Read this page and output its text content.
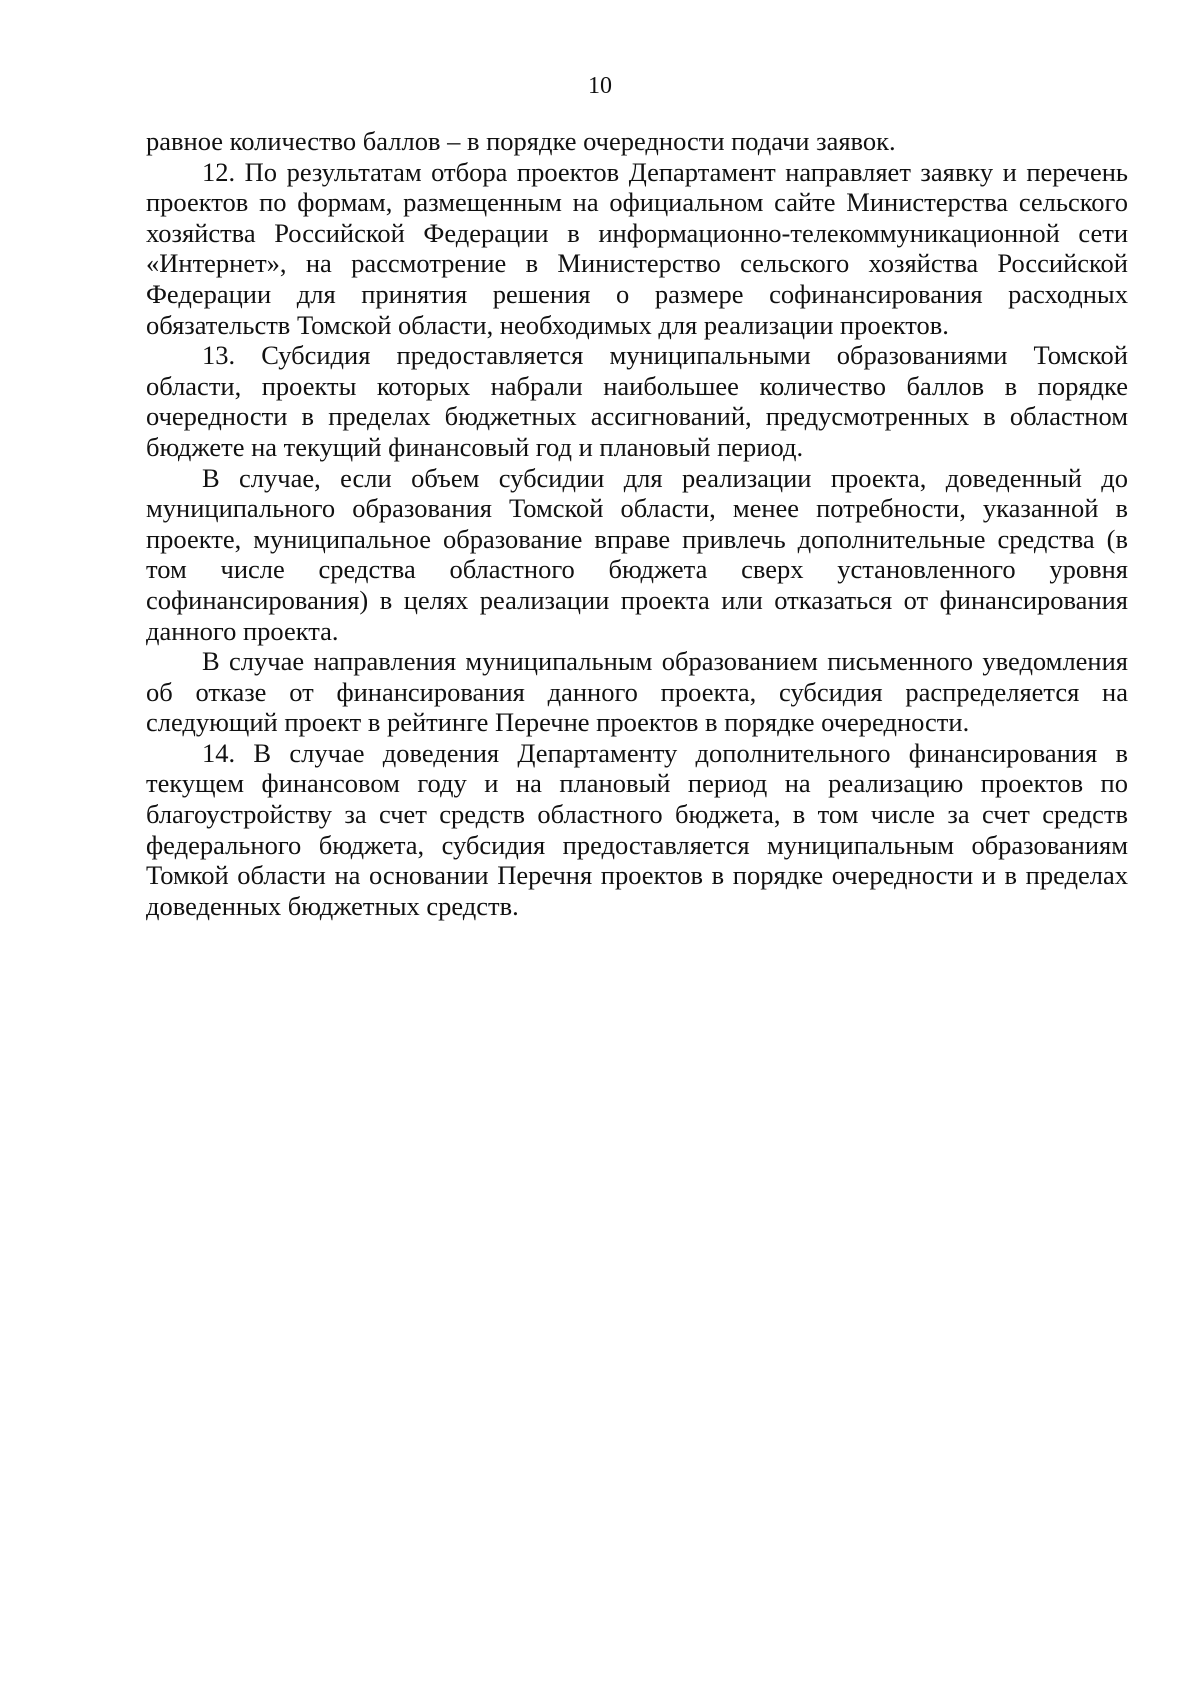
10

равное количество баллов – в порядке очередности подачи заявок.

12. По результатам отбора проектов Департамент направляет заявку и перечень проектов по формам, размещенным на официальном сайте Министерства сельского хозяйства Российской Федерации в информационно-телекоммуникационной сети «Интернет», на рассмотрение в Министерство сельского хозяйства Российской Федерации для принятия решения о размере софинансирования расходных обязательств Томской области, необходимых для реализации проектов.

13. Субсидия предоставляется муниципальными образованиями Томской области, проекты которых набрали наибольшее количество баллов в порядке очередности в пределах бюджетных ассигнований, предусмотренных в областном бюджете на текущий финансовый год и плановый период.

В случае, если объем субсидии для реализации проекта, доведенный до муниципального образования Томской области, менее потребности, указанной в проекте, муниципальное образование вправе привлечь дополнительные средства (в том числе средства областного бюджета сверх установленного уровня софинансирования) в целях реализации проекта или отказаться от финансирования данного проекта.

В случае направления муниципальным образованием письменного уведомления об отказе от финансирования данного проекта, субсидия распределяется на следующий проект в рейтинге Перечне проектов в порядке очередности.

14. В случае доведения Департаменту дополнительного финансирования в текущем финансовом году и на плановый период на реализацию проектов по благоустройству за счет средств областного бюджета, в том числе за счет средств федерального бюджета, субсидия предоставляется муниципальным образованиям Томкой области на основании Перечня проектов в порядке очередности и в пределах доведенных бюджетных средств.
